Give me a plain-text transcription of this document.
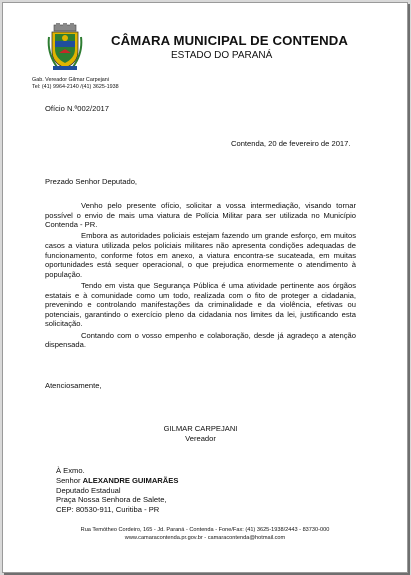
CÂMARA MUNICIPAL DE CONTENDA
ESTADO DO PARANÁ
Gab. Vereador Gilmar Carpejani
Tel: (41) 9964-2140 /(41) 3625-1938
Ofício N.º002/2017
Contenda, 20 de fevereiro de 2017.
Prezado Senhor Deputado,

Venho pelo presente ofício, solicitar a vossa intermediação, visando tornar possível o envio de mais uma viatura de Polícia Militar para ser utilizada no Município Contenda - PR.

Embora as autoridades policiais estejam fazendo um grande esforço, em muitos casos a viatura utilizada pelos policiais militares não apresenta condições adequadas de funcionamento, conforme fotos em anexo, a viatura encontra-se sucateada, em muitas oportunidades está sequer operacional, o que prejudica enormemente o atendimento à população.

Tendo em vista que Segurança Pública é uma atividade pertinente aos órgãos estatais e à comunidade como um todo, realizada com o fito de proteger a cidadania, prevenindo e controlando manifestações da criminalidade e da violência, efetivas ou potenciais, garantindo o exercício pleno da cidadania nos limites da lei, justificando esta solicitação.

Contando com o vosso empenho e colaboração, desde já agradeço a atenção dispensada.

Atenciosamente,
GILMAR CARPEJANI
Vereador
À Exmo.
Senhor ALEXANDRE GUIMARÃES
Deputado Estadual
Praça Nossa Senhora de Salete,
CEP: 80530-911, Curitiba - PR
Rua Temótheo Cordeiro, 165 - Jd. Paraná - Contenda - Fone/Fax: (41) 3625-1938/2443 - 83730-000
www.camaracontenda.pr.gov.br - camaracontenda@hotmail.com
